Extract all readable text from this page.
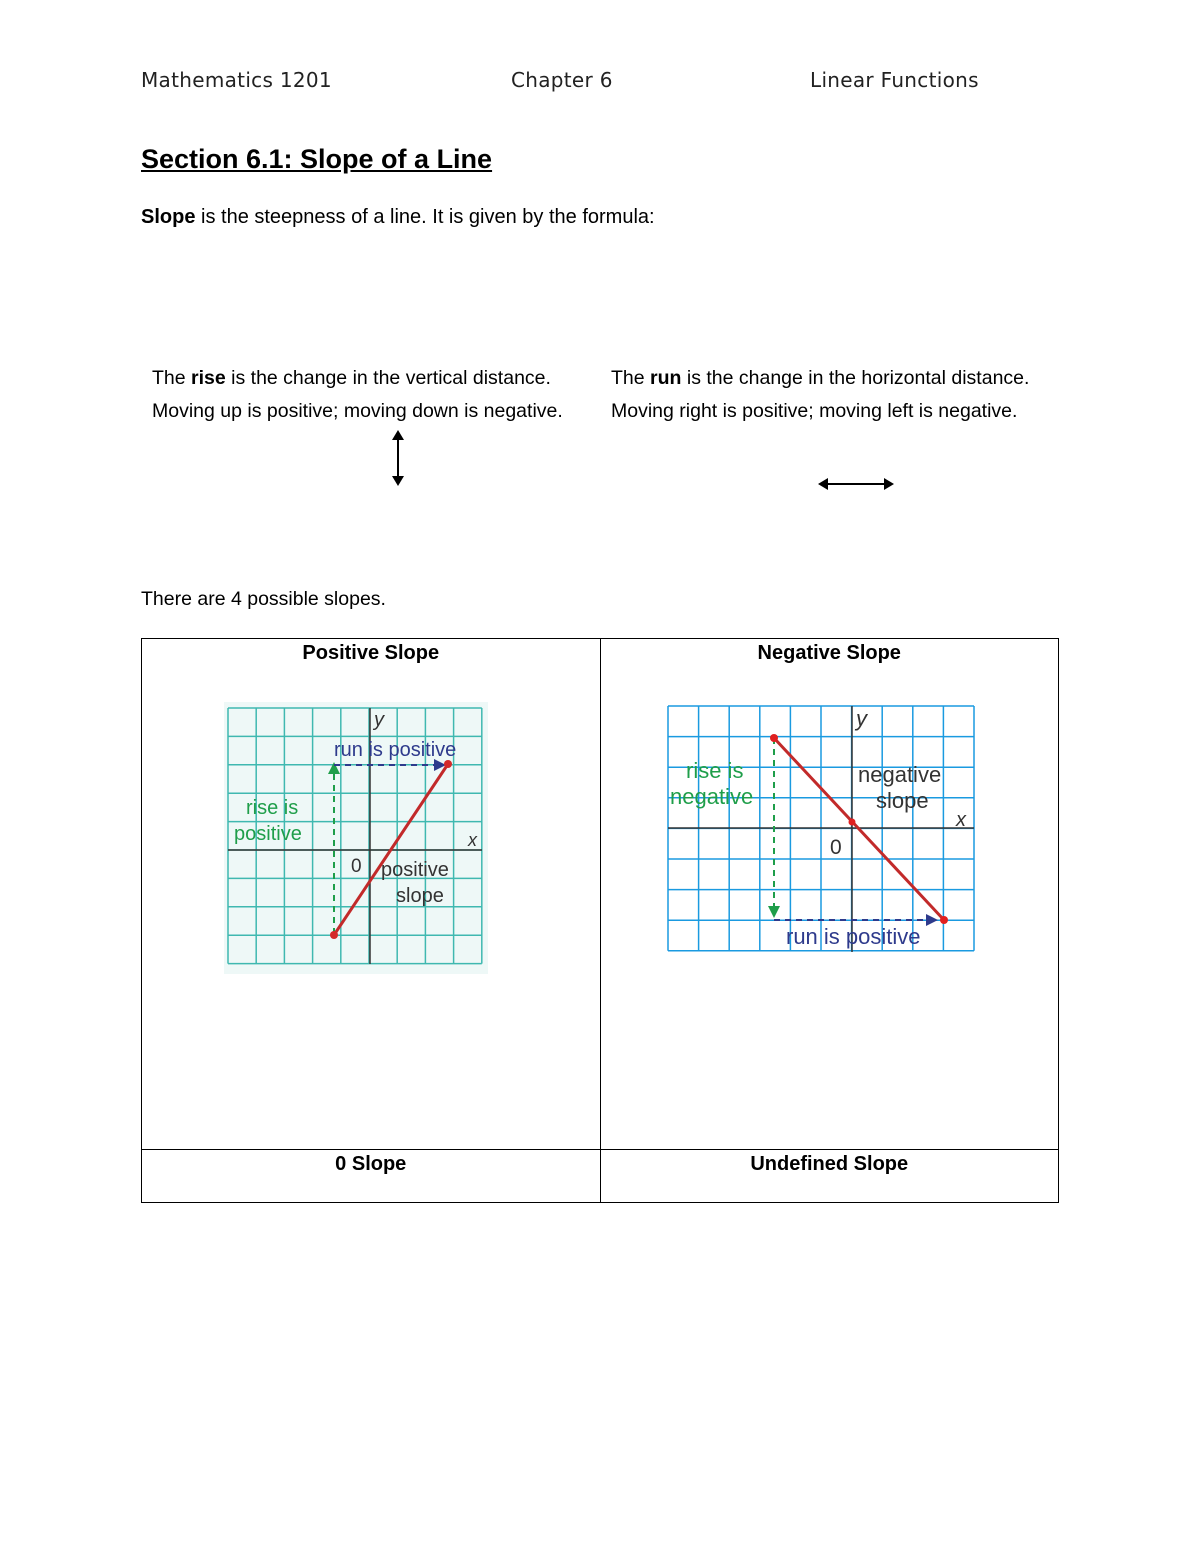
Mathematics 1201	Chapter 6	Linear Functions
Section 6.1: Slope of a Line
Slope is the steepness of a line. It is given by the formula:
The rise is the change in the vertical distance. Moving up is positive; moving down is negative.
The run is the change in the horizontal distance. Moving right is positive; moving left is negative.
There are 4 possible slopes.
Positive Slope	Negative Slope

0 Slope	Undefined Slope
y
x
0
run is positive
rise is
positive
positive
slope
y
x
0
run is positive
rise is
negative
negative
slope
